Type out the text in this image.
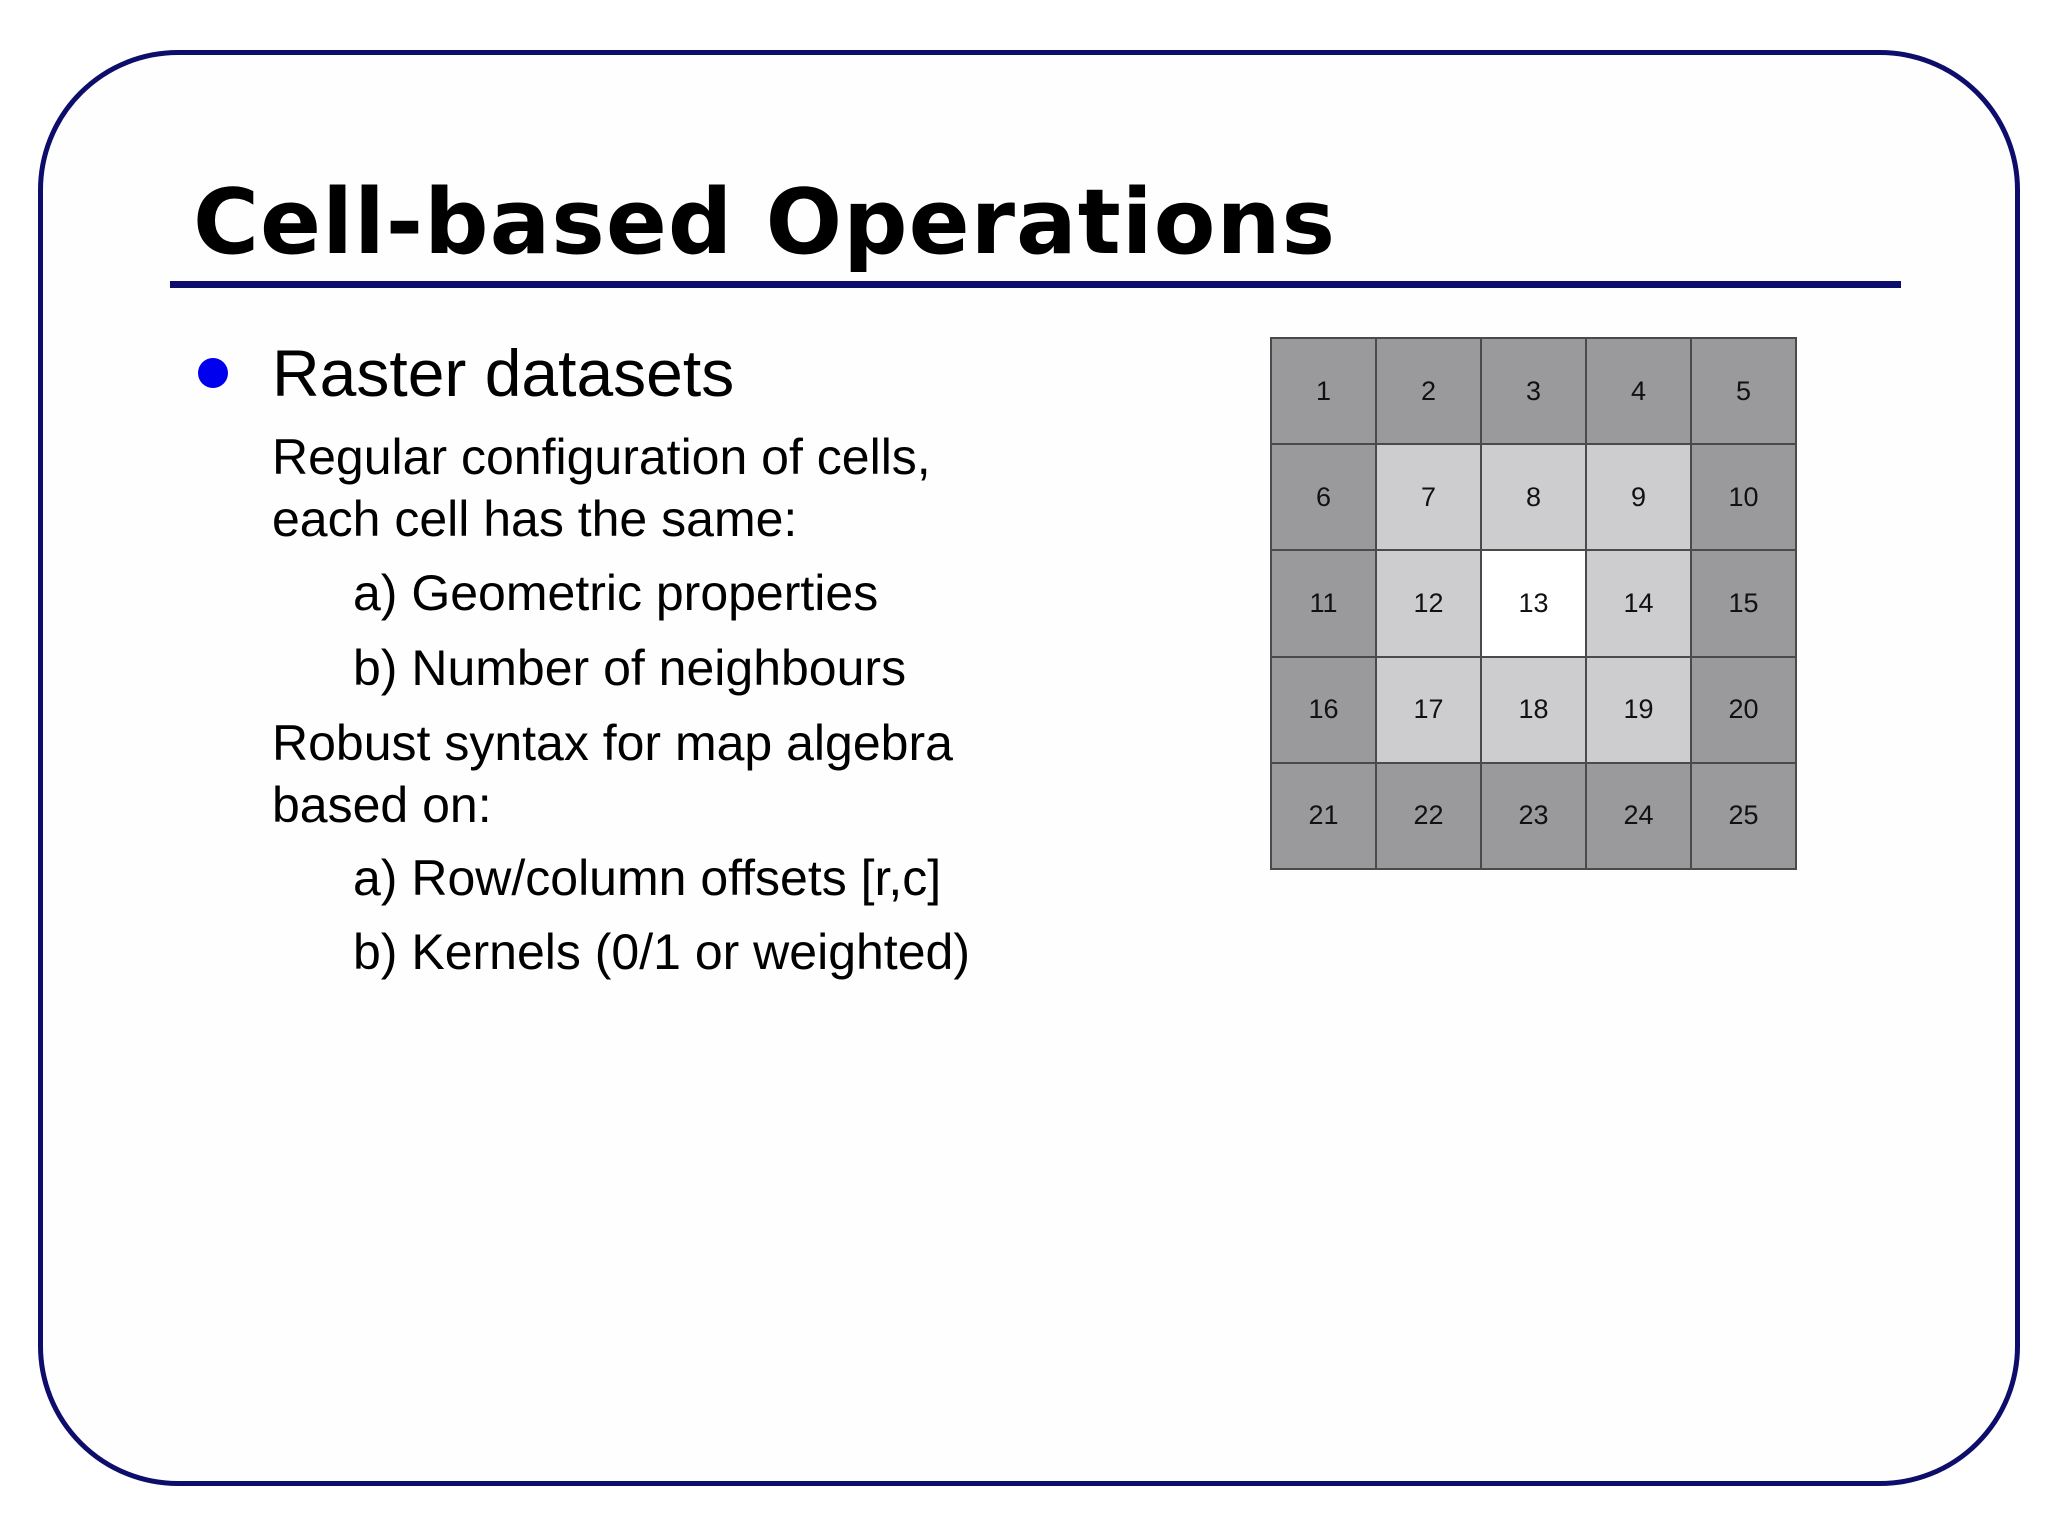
Cell-based Operations
Raster datasets
Regular configuration of cells,
each cell has the same:
a) Geometric properties
b) Number of neighbours
Robust syntax for map algebra
based on:
a) Row/column offsets [r,c]
b) Kernels (0/1 or weighted)
1	2	3	4	5
6	7	8	9	10
11	12	13	14	15
16	17	18	19	20
21	22	23	24	25
